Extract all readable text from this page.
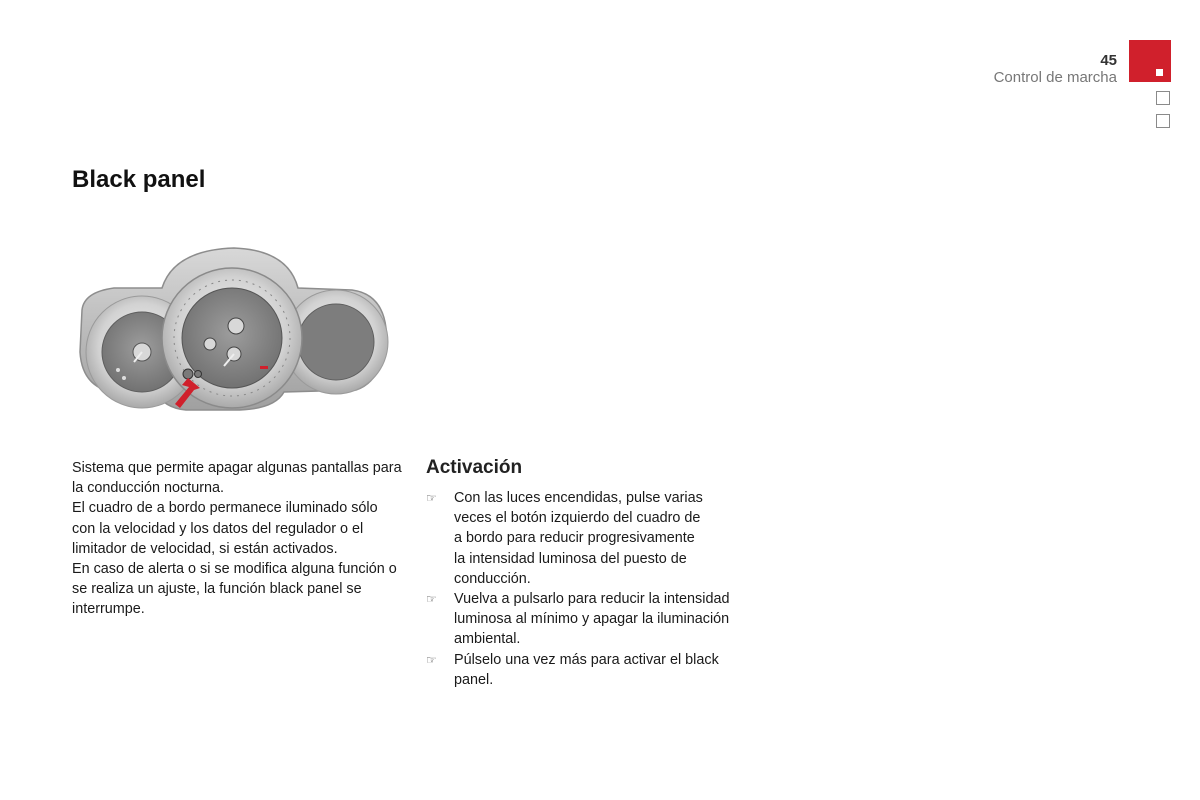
45
Control de marcha
Black panel

Sistema que permite apagar algunas pantallas para la conducción nocturna.
El cuadro de a bordo permanece iluminado sólo con la velocidad y los datos del regulador o el limitador de velocidad, si están activados.
En caso de alerta o si se modifica alguna función o se realiza un ajuste, la función black panel se interrumpe.

Activación
☞ Con las luces encendidas, pulse varias
veces el botón izquierdo del cuadro de
a bordo para reducir progresivamente
la intensidad luminosa del puesto de
conducción.
☞ Vuelva a pulsarlo para reducir la intensidad
luminosa al mínimo y apagar la iluminación
ambiental.
☞ Púlselo una vez más para activar el black
panel.
